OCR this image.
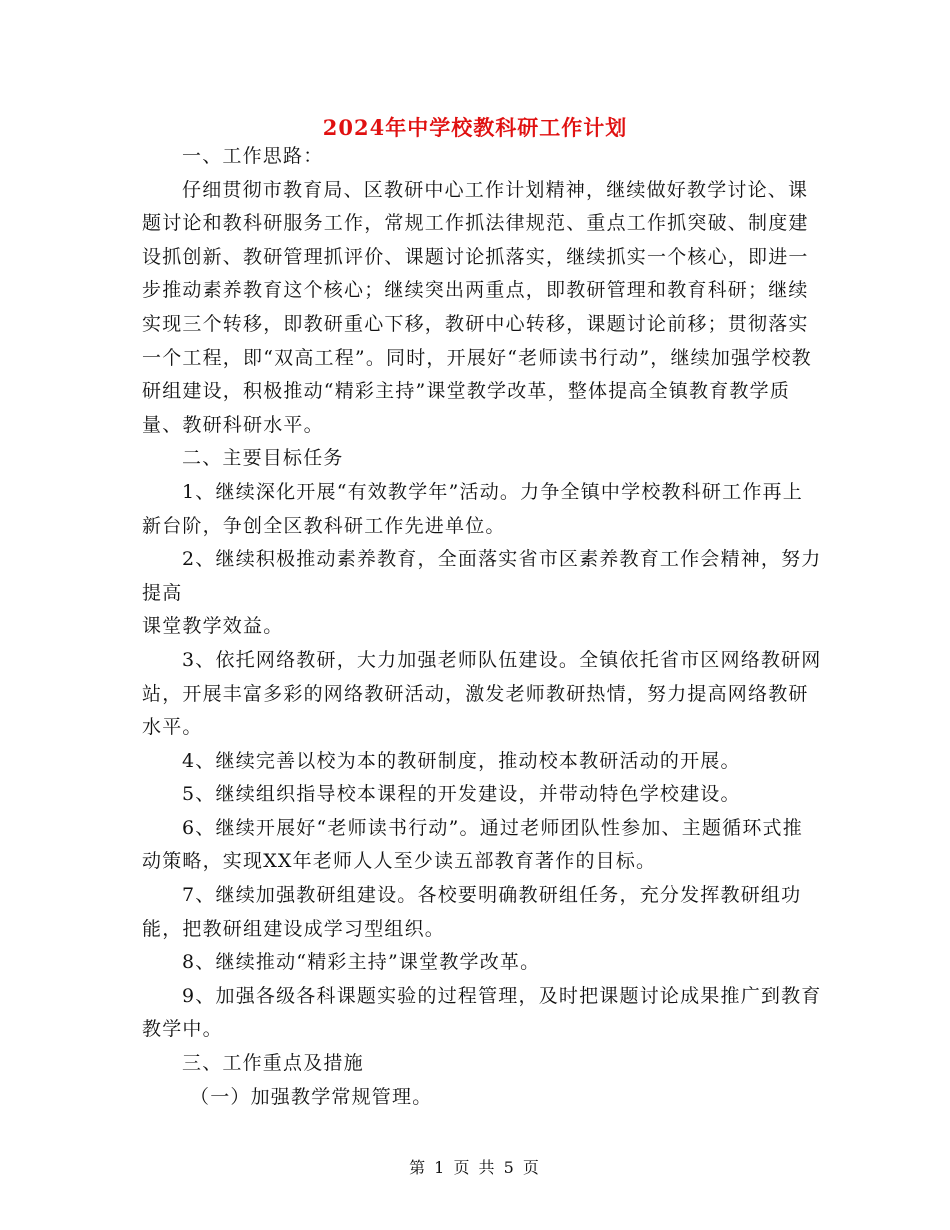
2024年中学校教科研工作计划

一、工作思路：

仔细贯彻市教育局、区教研中心工作计划精神，继续做好教学讨论、课题讨论和教科研服务工作，常规工作抓法律规范、重点工作抓突破、制度建设抓创新、教研管理抓评价、课题讨论抓落实，继续抓实一个核心，即进一步推动素养教育这个核心；继续突出两重点，即教研管理和教育科研；继续实现三个转移，即教研重心下移，教研中心转移，课题讨论前移；贯彻落实一个工程，即“双高工程”。同时，开展好“老师读书行动”，继续加强学校教研组建设，积极推动“精彩主持”课堂教学改革，整体提高全镇教育教学质量、教研科研水平。

二、主要目标任务

1、继续深化开展“有效教学年”活动。力争全镇中学校教科研工作再上新台阶，争创全区教科研工作先进单位。

2、继续积极推动素养教育，全面落实省市区素养教育工作会精神，努力提高

课堂教学效益。

3、依托网络教研，大力加强老师队伍建设。全镇依托省市区网络教研网站，开展丰富多彩的网络教研活动，激发老师教研热情，努力提高网络教研水平。

4、继续完善以校为本的教研制度，推动校本教研活动的开展。

5、继续组织指导校本课程的开发建设，并带动特色学校建设。

6、继续开展好“老师读书行动”。通过老师团队性参加、主题循环式推动策略，实现XX年老师人人至少读五部教育著作的目标。

7、继续加强教研组建设。各校要明确教研组任务，充分发挥教研组功能，把教研组建设成学习型组织。

8、继续推动“精彩主持”课堂教学改革。

9、加强各级各科课题实验的过程管理，及时把课题讨论成果推广到教育教学中。

三、工作重点及措施

（一）加强教学常规管理。

第 1 页 共 5 页
